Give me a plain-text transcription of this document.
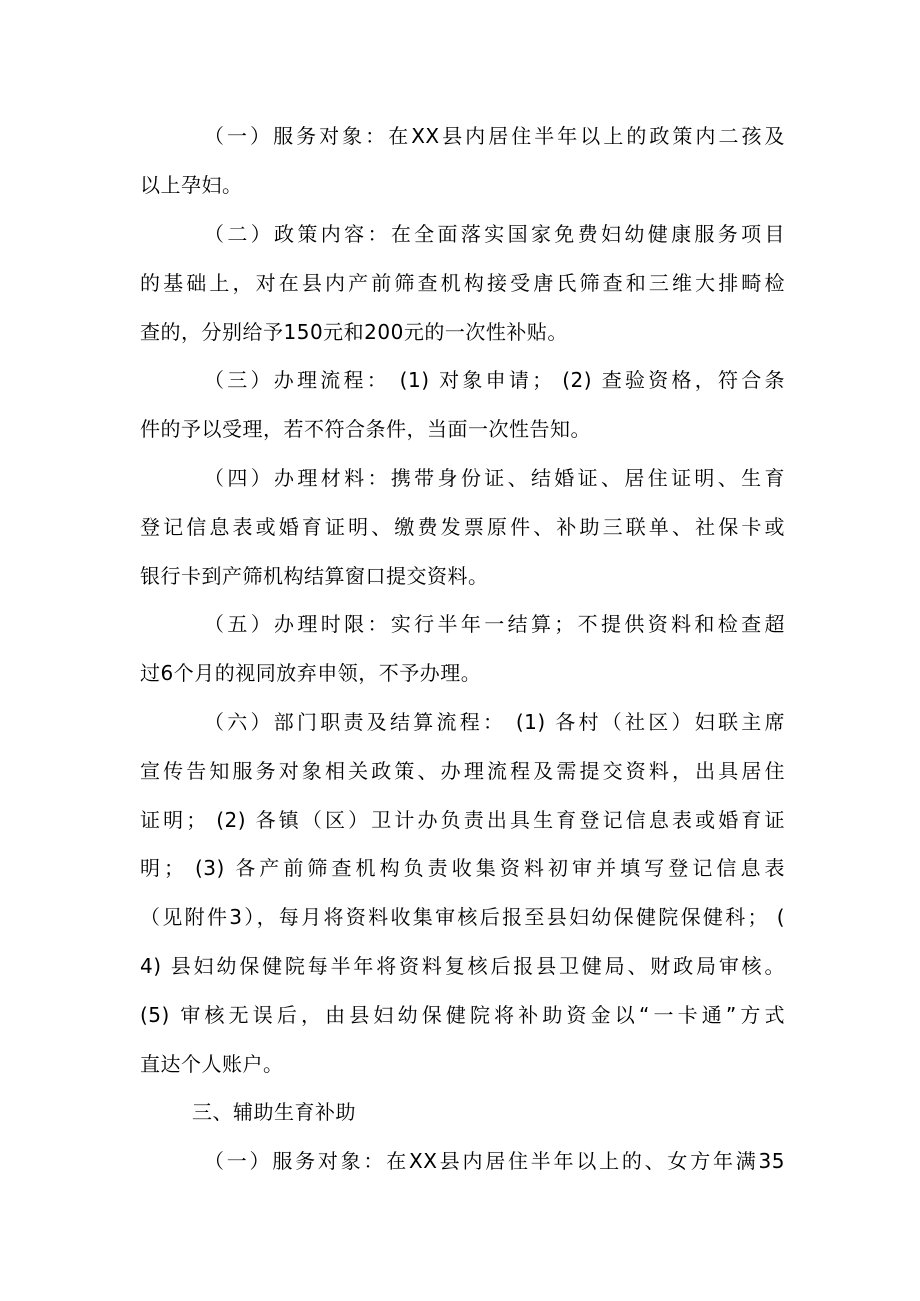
（一）服务对象：在XX县内居住半年以上的政策内二孩及
以上孕妇。
（二）政策内容：在全面落实国家免费妇幼健康服务项目
的基础上，对在县内产前筛查机构接受唐氏筛查和三维大排畸检
查的，分别给予150元和200元的一次性补贴。
（三）办理流程： (1) 对象申请； (2) 查验资格，符合条
件的予以受理，若不符合条件，当面一次性告知。
（四）办理材料：携带身份证、结婚证、居住证明、生育
登记信息表或婚育证明、缴费发票原件、补助三联单、社保卡或
银行卡到产筛机构结算窗口提交资料。
（五）办理时限：实行半年一结算；不提供资料和检查超
过6个月的视同放弃申领，不予办理。
（六）部门职责及结算流程： (1) 各村（社区）妇联主席
宣传告知服务对象相关政策、办理流程及需提交资料，出具居住
证明； (2) 各镇（区）卫计办负责出具生育登记信息表或婚育证
明； (3) 各产前筛查机构负责收集资料初审并填写登记信息表
（见附件3），每月将资料收集审核后报至县妇幼保健院保健科； (
4) 县妇幼保健院每半年将资料复核后报县卫健局、财政局审核。
(5) 审核无误后，由县妇幼保健院将补助资金以“一卡通”方式
直达个人账户。
三、辅助生育补助
（一）服务对象：在XX县内居住半年以上的、女方年满35
